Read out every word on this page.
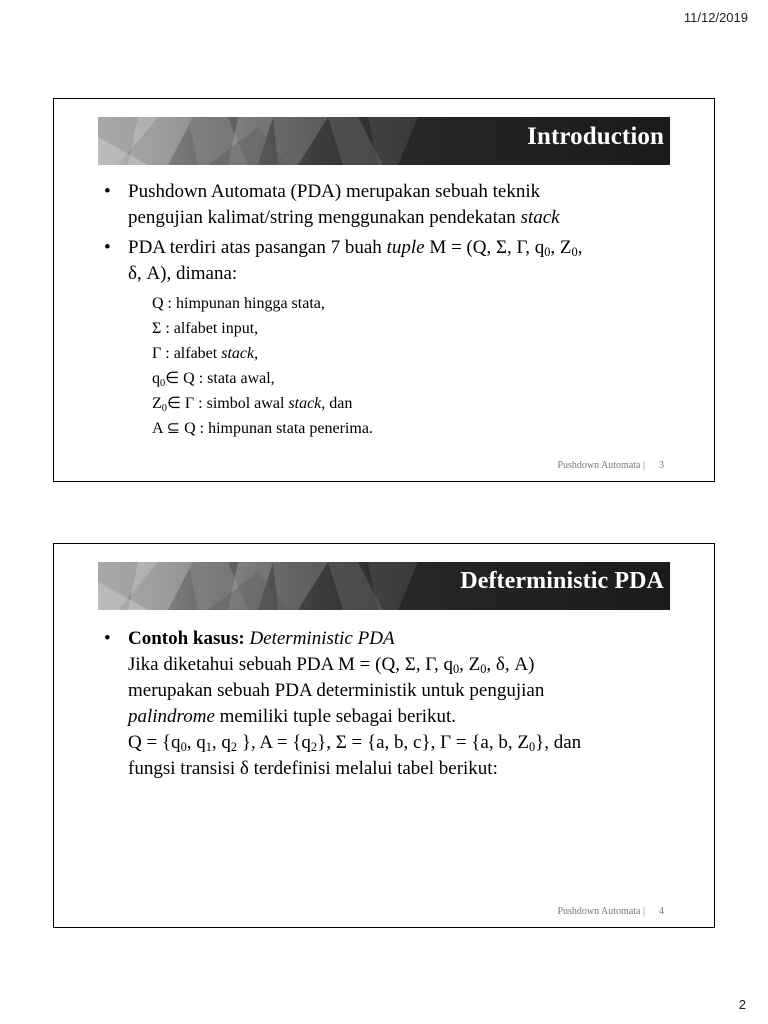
11/12/2019
Introduction
• Pushdown Automata (PDA) merupakan sebuah teknik
pengujian kalimat/string menggunakan pendekatan stack
• PDA terdiri atas pasangan 7 buah tuple M = (Q, Σ, Γ, $q_0$, $Z_0$,
δ, A), dimana:
Q : himpunan hingga stata,
Σ : alfabet input,
Γ : alfabet stack,
$q_0\in$ Q : stata awal,
$Z_0\in$ Γ : simbol awal stack, dan
A ⊆ Q : himpunan stata penerima.
Pushdown Automata | 3
Defterministic PDA
• Contoh kasus: Deterministic PDA
Jika diketahui sebuah PDA M = (Q, Σ, Γ, $q_0$, $Z_0$, δ, A)
merupakan sebuah PDA deterministik untuk pengujian
palindrome memiliki tuple sebagai berikut.
$Q = \{q_0$, $q_1$, $q_2$ }, $A = \{q_2\}$, Σ = {a, b, c}, Γ = {a, b, $Z_0$}, dan
fungsi transisi δ terdefinisi melalui tabel berikut:
Pushdown Automata | 4
2
